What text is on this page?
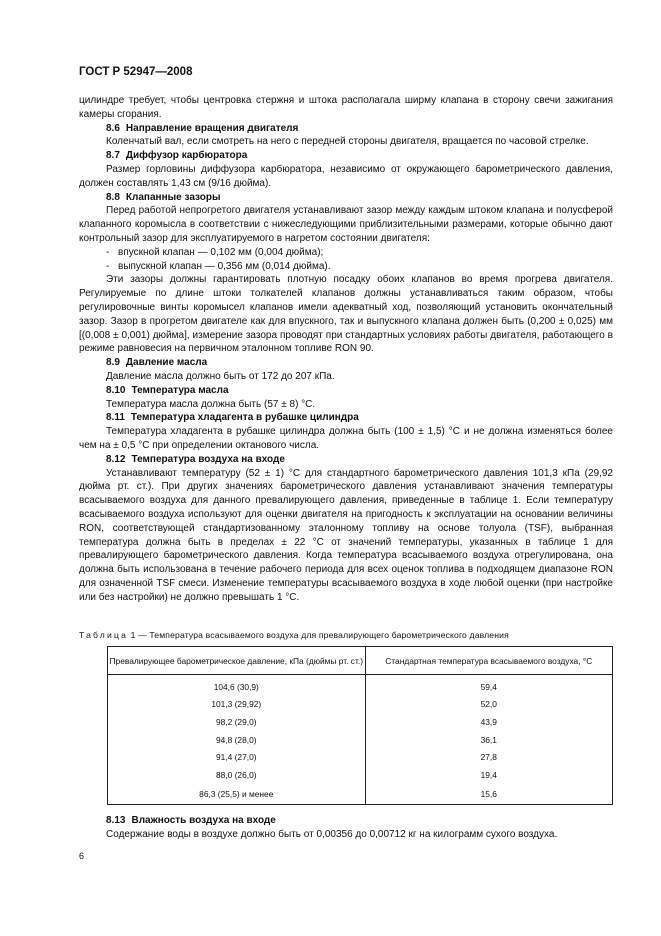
ГОСТ Р 52947—2008

цилиндре требует, чтобы центровка стержня и штока располагала ширму клапана в сторону свечи зажигания камеры сгорания.

8.6 Направление вращения двигателя

Коленчатый вал, если смотреть на него с передней стороны двигателя, вращается по часовой стрелке.

8.7 Диффузор карбюратора

Размер горловины диффузора карбюратора, независимо от окружающего барометрического давления, должен составлять 1,43 см (9/16 дюйма).

8.8 Клапанные зазоры

Перед работой непрогретого двигателя устанавливают зазор между каждым штоком клапана и полусферой клапанного коромысла в соответствии с нижеследующими приблизительными размерами, которые обычно дают контрольный зазор для эксплуатируемого в нагретом состоянии двигателя:

- впускной клапан — 0,102 мм (0,004 дюйма);
- выпускной клапан — 0,356 мм (0,014 дюйма).

Эти зазоры должны гарантировать плотную посадку обоих клапанов во время прогрева двигателя. Регулируемые по длине штоки толкателей клапанов должны устанавливаться таким образом, чтобы регулировочные винты коромысел клапанов имели адекватный ход, позволяющий установить окончательный зазор. Зазор в прогретом двигателе как для впускного, так и выпускного клапана должен быть (0,200 ± 0,025) мм [(0,008 ± 0,001) дюйма], измерение зазора проводят при стандартных условиях работы двигателя, работающего в режиме равновесия на первичном эталонном топливе RON 90.

8.9 Давление масла

Давление масла должно быть от 172 до 207 кПа.

8.10 Температура масла

Температура масла должна быть (57 ± 8) °С.

8.11 Температура хладагента в рубашке цилиндра

Температура хладагента в рубашке цилиндра должна быть (100 ± 1,5) °С и не должна изменяться более чем на ± 0,5 °С при определении октанового числа.

8.12 Температура воздуха на входе

Устанавливают температуру (52 ± 1) °С для стандартного барометрического давления 101,3 кПа (29,92 дюйма рт. ст.). При других значениях барометрического давления устанавливают значения температуры всасываемого воздуха для данного превалирующего давления, приведенные в таблице 1. Если температуру всасываемого воздуха используют для оценки двигателя на пригодность к эксплуатации на основании величины RON, соответствующей стандартизованному эталонному топливу на основе толуола (TSF), выбранная температура должна быть в пределах ± 22 °С от значений температуры, указанных в таблице 1 для превалирующего барометрического давления. Когда температура всасываемого воздуха отрегулирована, она должна быть использована в течение рабочего периода для всех оценок топлива в подходящем диапазоне RON для означенной TSF смеси. Изменение температуры всасываемого воздуха в ходе любой оценки (при настройке или без настройки) не должно превышать 1 °С.

Таблица 1 — Температура всасываемого воздуха для превалирующего барометрического давления
Превалирующее барометрическое давление, кПа (дюймы рт. ст.)	Стандартная температура всасываемого воздуха, °С
104,6 (30,9)	59,4
101,3 (29,92)	52,0
98,2 (29,0)	43,9
94,8 (28,0)	36,1
91,4 (27,0)	27,8
88,0 (26,0)	19,4
86,3 (25,5) и менее	15,6
8.13 Влажность воздуха на входе

Содержание воды в воздухе должно быть от 0,00356 до 0,00712 кг на килограмм сухого воздуха.

6
